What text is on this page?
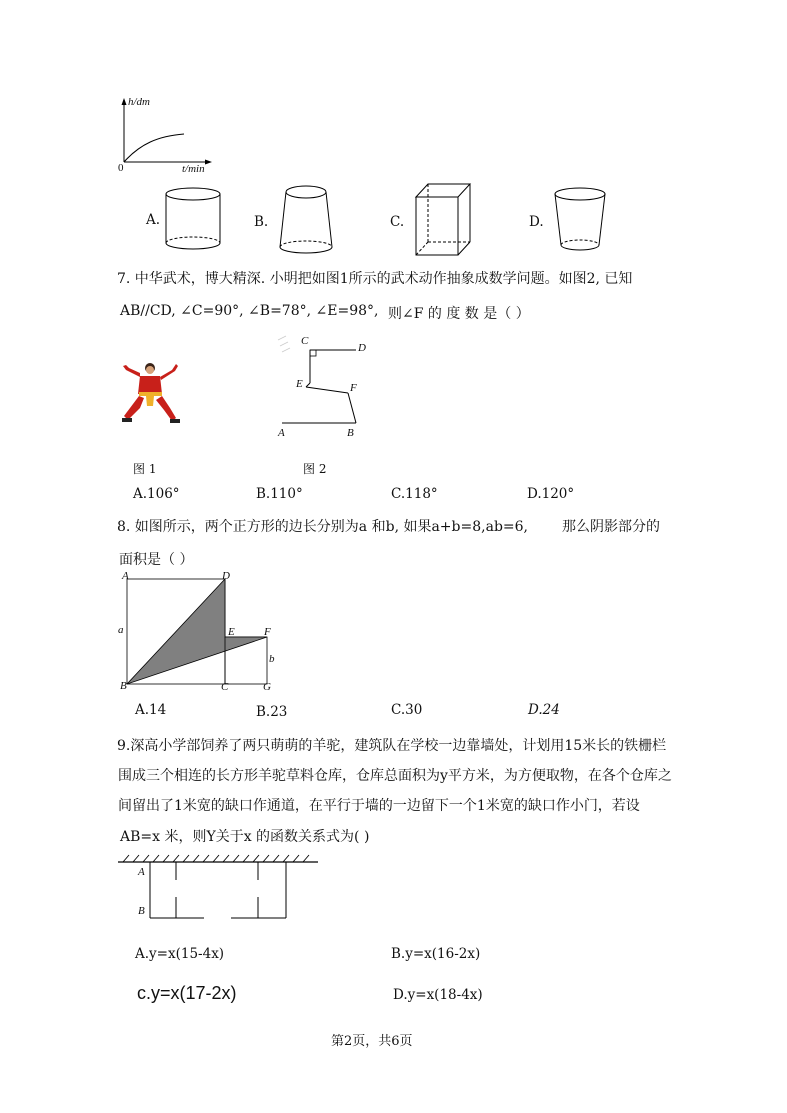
h/dm
t/min
0
A.	B.	C.	D.
7. 中华武术，博大精深. 小明把如图1所示的武术动作抽象成数学问题。如图2, 已知
AB//CD, ∠C=90°, ∠B=78°, ∠E=98°, 则∠F 的 度 数 是（ ）
C
D
E	F
A	B
图 1	图 2
A.106°	B.110°	C.118°	D.120°
8. 如图所示，两个正方形的边长分别为a 和b, 如果a+b=8,ab=6, 那么阴影部分的
面积是（ ）
A	D
E	F
a
b
B	C	G
A.14	B.23	C.30	D.24
9.深高小学部饲养了两只萌萌的羊驼，建筑队在学校一边靠墙处，计划用15米长的铁栅栏
围成三个相连的长方形羊驼草料仓库，仓库总面积为y平方米，为方便取物，在各个仓库之
间留出了1米宽的缺口作通道，在平行于墙的一边留下一个1米宽的缺口作小门，若设
AB=x 米，则Y关于x 的函数关系式为( )
A
B
A.y=x(15-4x)	B.y=x(16-2x)
c.y=x(17-2x)	D.y=x(18-4x)
第2页，共6页
